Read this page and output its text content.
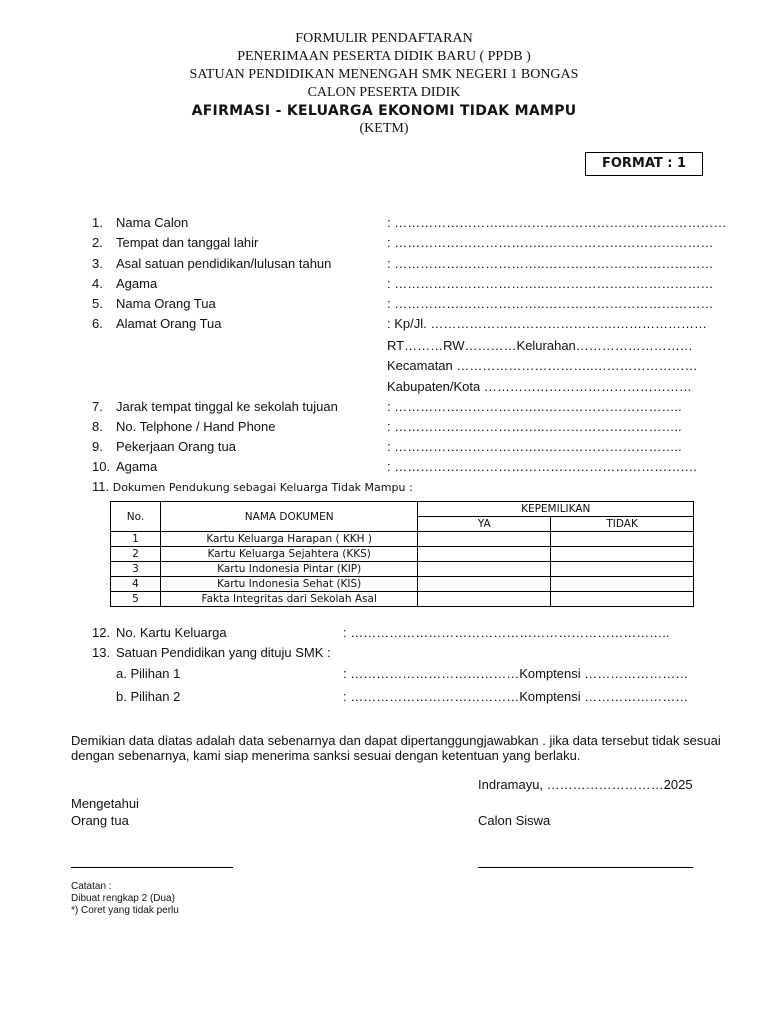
FORMULIR PENDAFTARAN
PENERIMAAN PESERTA DIDIK BARU ( PPDB )
SATUAN PENDIDIKAN MENENGAH SMK NEGERI 1 BONGAS
CALON PESERTA DIDIK
AFIRMASI - KELUARGA EKONOMI TIDAK MAMPU
(KETM)
FORMAT : 1
1. Nama Calon	: ……………………..……………………………………………
2. Tempat dan tanggal lahir	: ……………………………..…………………………………
3. Asal satuan pendidikan/lulusan tahun	: ……………………………..…………………………………
4. Agama	: ……………………………..…………………………………
5. Nama Orang Tua	: ……………………………..…………………………………
6. Alamat Orang Tua	: Kp/Jl. …………………………………….…………………
RT………RW…………Kelurahan………………………
Kecamatan …………………………..……………………
Kabupaten/Kota …………………………………………
7. Jarak tempat tinggal ke sekolah tujuan	: ……………………………..…………………………..
8. No. Telphone / Hand Phone	: ……………………………..…………………………..
9. Pekerjaan Orang tua	: ……………………………..…………………………..
10. Agama	: …………………………………………………………….
11. Dokumen Pendukung sebagai Keluarga Tidak Mampu :
No.	NAMA DOKUMEN	KEPEMILIKAN	
		YA	TIDAK
1	Kartu Keluarga Harapan ( KKH )		
2	Kartu Keluarga Sejahtera (KKS)		
3	Kartu Indonesia Pintar (KIP)		
4	Kartu Indonesia Sehat (KIS)		
5	Fakta Integritas dari Sekolah Asal		
12. No. Kartu Keluarga	: ………………………………………………………………..
13. Satuan Pendidikan yang dituju SMK :
a. Pilihan 1	: …………………………………Komptensi ……………………
b. Pilihan 2	: …………………………………Komptensi ……………………
Demikian data diatas adalah data sebenarnya dan dapat dipertanggungjawabkan . jika data tersebut tidak sesuai dengan sebenarnya, kami siap menerima sanksi sesuai dengan ketentuan yang berlaku.
Indramayu, ………………………2025
Mengetahui
Orang tua	Calon Siswa
Catatan :
Dibuat rengkap 2 (Dua)
*) Coret yang tidak perlu
